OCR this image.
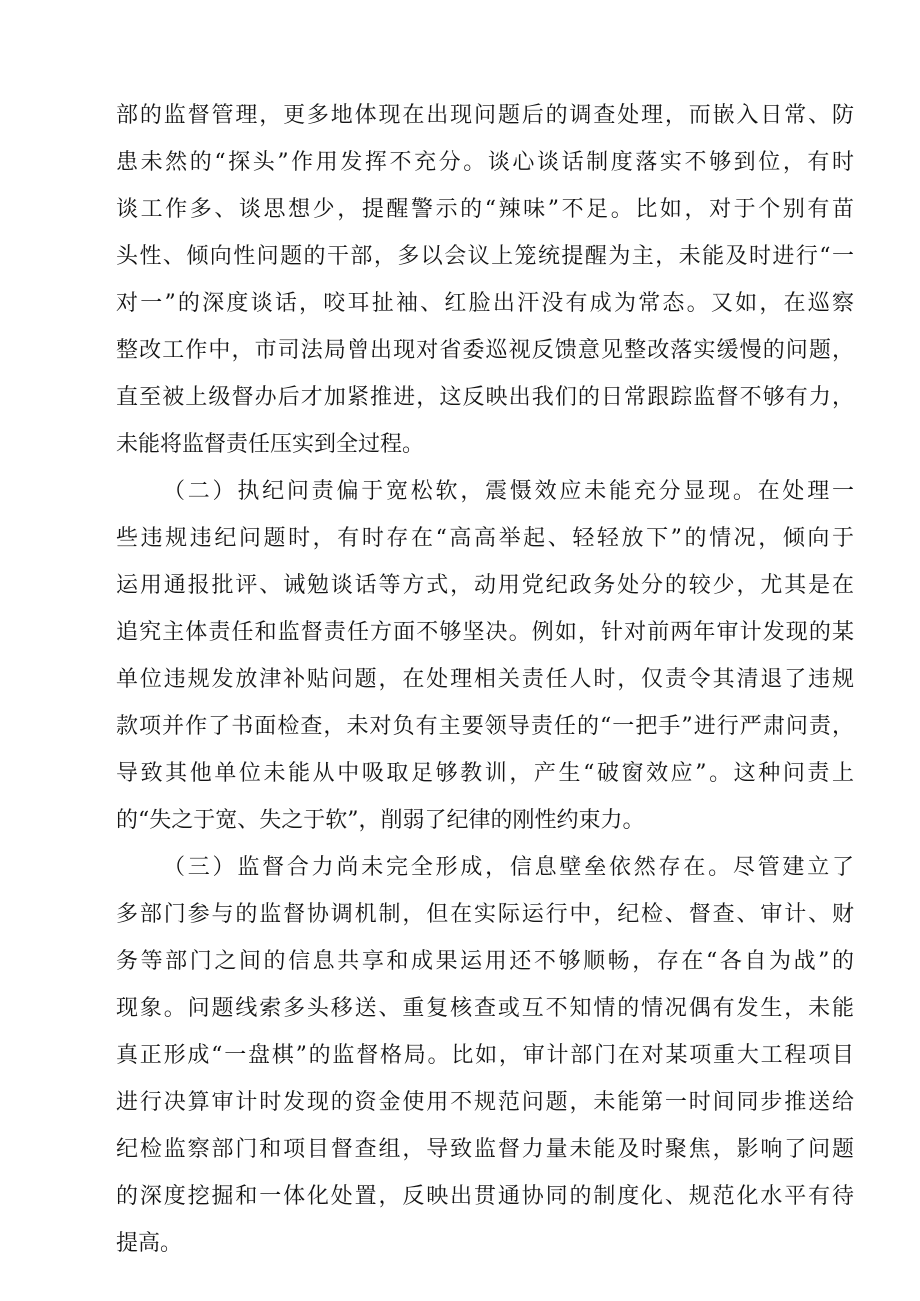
部的监督管理，更多地体现在出现问题后的调查处理，而嵌入日常、防
患未然的“探头”作用发挥不充分。谈心谈话制度落实不够到位，有时
谈工作多、谈思想少，提醒警示的“辣味”不足。比如，对于个别有苗
头性、倾向性问题的干部，多以会议上笼统提醒为主，未能及时进行“一
对一”的深度谈话，咬耳扯袖、红脸出汗没有成为常态。又如，在巡察
整改工作中，市司法局曾出现对省委巡视反馈意见整改落实缓慢的问题，
直至被上级督办后才加紧推进，这反映出我们的日常跟踪监督不够有力，
未能将监督责任压实到全过程。
（二）执纪问责偏于宽松软，震慑效应未能充分显现。在处理一
些违规违纪问题时，有时存在“高高举起、轻轻放下”的情况，倾向于
运用通报批评、诫勉谈话等方式，动用党纪政务处分的较少，尤其是在
追究主体责任和监督责任方面不够坚决。例如，针对前两年审计发现的某
单位违规发放津补贴问题，在处理相关责任人时，仅责令其清退了违规
款项并作了书面检查，未对负有主要领导责任的“一把手”进行严肃问责，
导致其他单位未能从中吸取足够教训，产生“破窗效应”。这种问责上
的“失之于宽、失之于软”，削弱了纪律的刚性约束力。
（三）监督合力尚未完全形成，信息壁垒依然存在。尽管建立了
多部门参与的监督协调机制，但在实际运行中，纪检、督查、审计、财
务等部门之间的信息共享和成果运用还不够顺畅，存在“各自为战”的
现象。问题线索多头移送、重复核查或互不知情的情况偶有发生，未能
真正形成“一盘棋”的监督格局。比如，审计部门在对某项重大工程项目
进行决算审计时发现的资金使用不规范问题，未能第一时间同步推送给
纪检监察部门和项目督查组，导致监督力量未能及时聚焦，影响了问题
的深度挖掘和一体化处置，反映出贯通协同的制度化、规范化水平有待
提高。
